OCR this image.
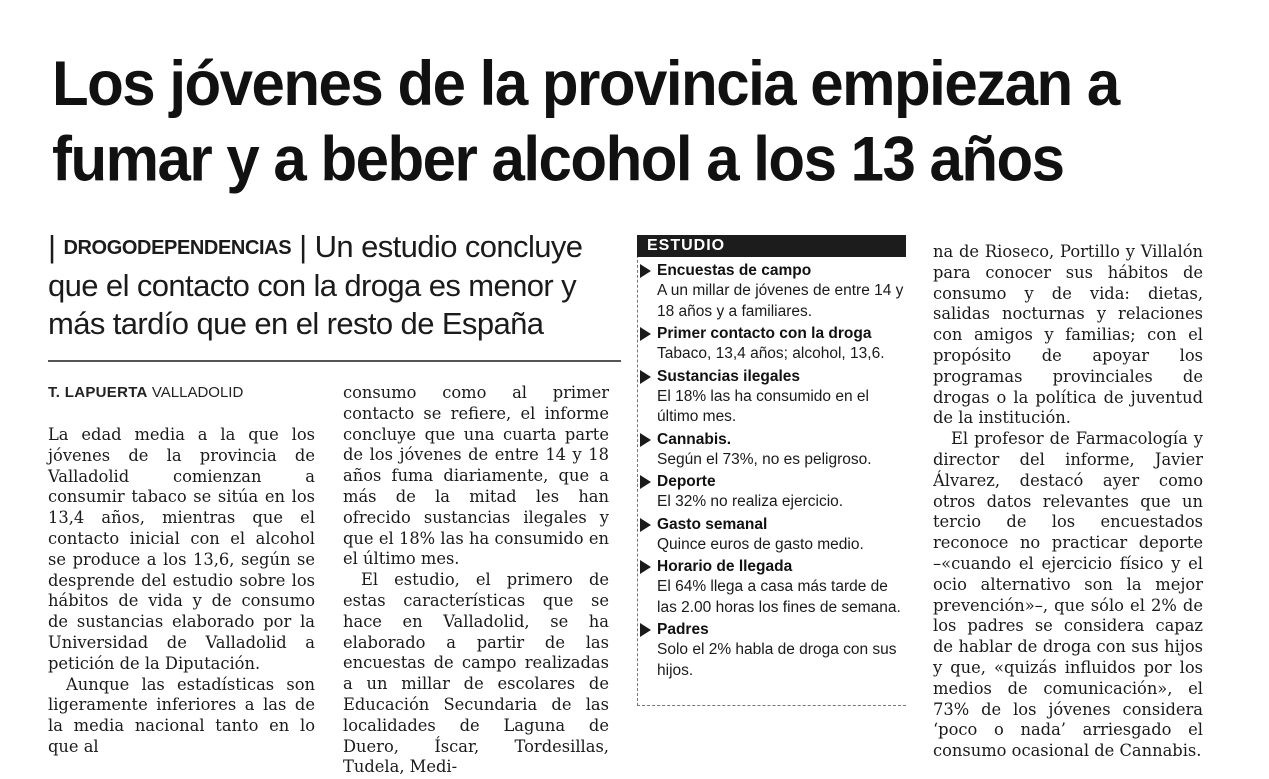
Los jóvenes de la provincia empiezan a
fumar y a beber alcohol a los 13 años
| DROGODEPENDENCIAS | Un estudio concluye que el contacto con la droga es menor y más tardío que en el resto de España
T. LAPUERTA VALLADOLID

La edad media a la que los jóvenes de la provincia de Valladolid comienzan a consumir tabaco se sitúa en los 13,4 años, mientras que el contacto inicial con el alcohol se produce a los 13,6, según se desprende del estudio sobre los hábitos de vida y de consumo de sustancias elaborado por la Universidad de Valladolid a petición de la Diputación.

Aunque las estadísticas son ligeramente inferiores a las de la media nacional tanto en lo que al

consumo como al primer contacto se refiere, el informe concluye que una cuarta parte de los jóvenes de entre 14 y 18 años fuma diariamente, que a más de la mitad les han ofrecido sustancias ilegales y que el 18% las ha consumido en el último mes.

El estudio, el primero de estas características que se hace en Valladolid, se ha elaborado a partir de las encuestas de campo realizadas a un millar de escolares de Educación Secundaria de las localidades de Laguna de Duero, Íscar, Tordesillas, Tudela, Medi-

ESTUDIO
Encuestas de campo
A un millar de jóvenes de entre 14 y 18 años y a familiares.
Primer contacto con la droga
Tabaco, 13,4 años; alcohol, 13,6.
Sustancias ilegales
El 18% las ha consumido en el último mes.
Cannabis.
Según el 73%, no es peligroso.
Deporte
El 32% no realiza ejercicio.
Gasto semanal
Quince euros de gasto medio.
Horario de llegada
El 64% llega a casa más tarde de las 2.00 horas los fines de semana.
Padres
Solo el 2% habla de droga con sus hijos.

na de Rioseco, Portillo y Villalón para conocer sus hábitos de consumo y de vida: dietas, salidas nocturnas y relaciones con amigos y familias; con el propósito de apoyar los programas provinciales de drogas o la política de juventud de la institución.

El profesor de Farmacología y director del informe, Javier Álvarez, destacó ayer como otros datos relevantes que un tercio de los encuestados reconoce no practicar deporte –«cuando el ejercicio físico y el ocio alternativo son la mejor prevención»–, que sólo el 2% de los padres se considera capaz de hablar de droga con sus hijos y que, «quizás influidos por los medios de comunicación», el 73% de los jóvenes considera ‘poco o nada’ arriesgado el consumo ocasional de Cannabis.
